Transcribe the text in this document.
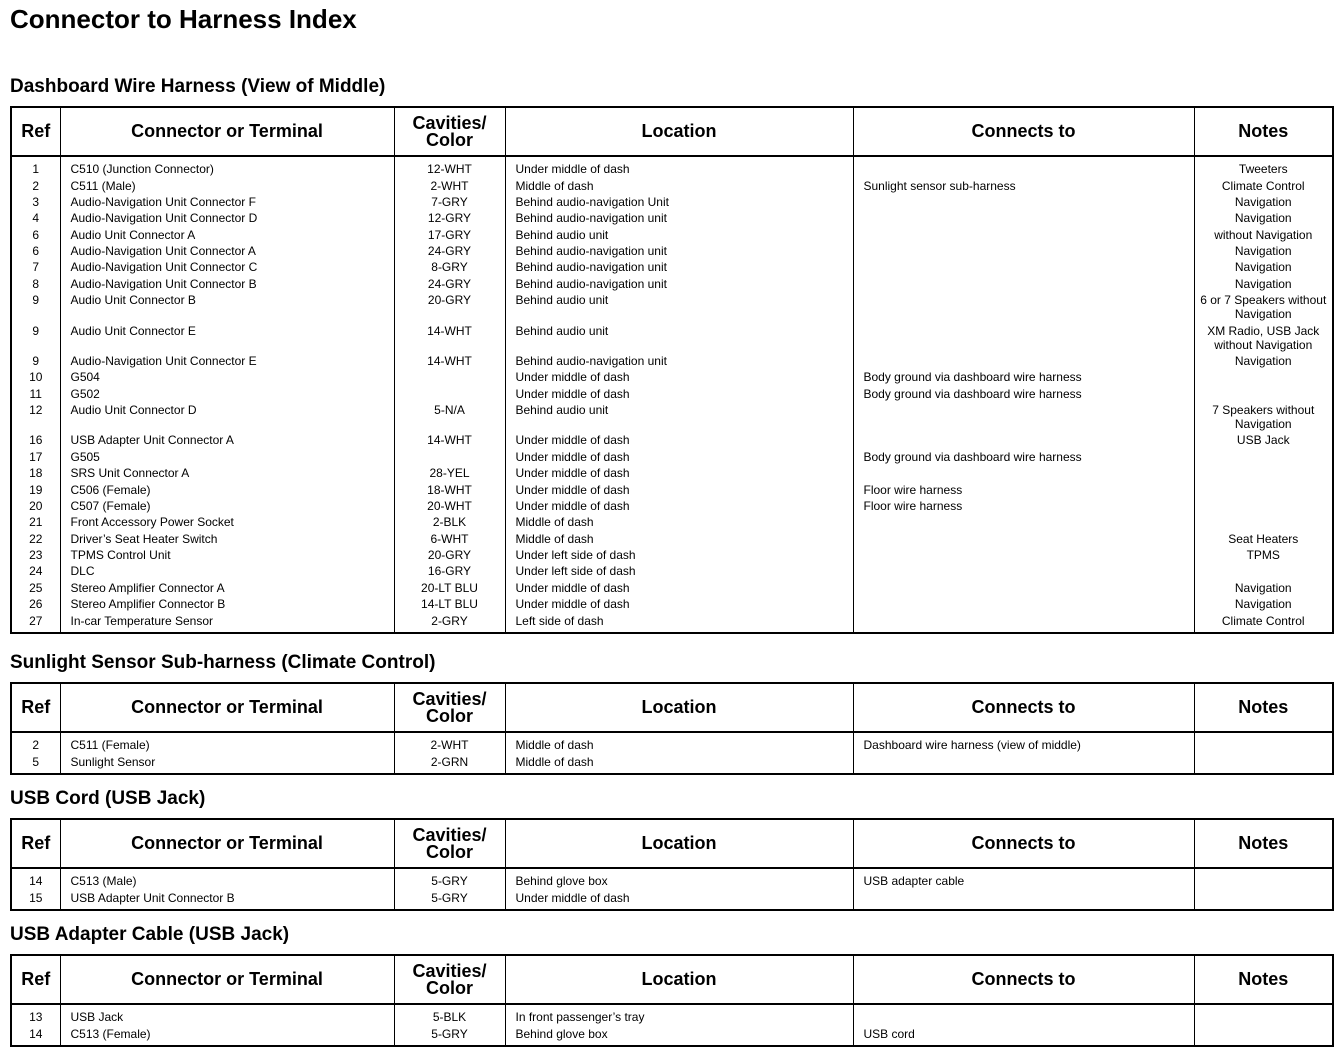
Connector to Harness Index
Dashboard Wire Harness (View of Middle)
Ref	Connector or Terminal	Cavities/
Color	Location	Connects to	Notes

1	C510 (Junction Connector)	12-WHT	Under middle of dash		Tweeters
2	C511 (Male)	2-WHT	Middle of dash	Sunlight sensor sub-harness	Climate Control
3	Audio-Navigation Unit Connector F	7-GRY	Behind audio-navigation Unit		Navigation
4	Audio-Navigation Unit Connector D	12-GRY	Behind audio-navigation unit		Navigation
6	Audio Unit Connector A	17-GRY	Behind audio unit		without Navigation
6	Audio-Navigation Unit Connector A	24-GRY	Behind audio-navigation unit		Navigation
7	Audio-Navigation Unit Connector C	8-GRY	Behind audio-navigation unit		Navigation
8	Audio-Navigation Unit Connector B	24-GRY	Behind audio-navigation unit		Navigation
9	Audio Unit Connector B	20-GRY	Behind audio unit		6 or 7 Speakers without Navigation
9	Audio Unit Connector E	14-WHT	Behind audio unit		XM Radio, USB Jack without Navigation
9	Audio-Navigation Unit Connector E	14-WHT	Behind audio-navigation unit		Navigation
10	G504		Under middle of dash	Body ground via dashboard wire harness	
11	G502		Under middle of dash	Body ground via dashboard wire harness	
12	Audio Unit Connector D	5-N/A	Behind audio unit		7 Speakers without Navigation
16	USB Adapter Unit Connector A	14-WHT	Under middle of dash		USB Jack
17	G505		Under middle of dash	Body ground via dashboard wire harness	
18	SRS Unit Connector A	28-YEL	Under middle of dash		
19	C506 (Female)	18-WHT	Under middle of dash	Floor wire harness	
20	C507 (Female)	20-WHT	Under middle of dash	Floor wire harness	
21	Front Accessory Power Socket	2-BLK	Middle of dash		
22	Driver’s Seat Heater Switch	6-WHT	Middle of dash		Seat Heaters
23	TPMS Control Unit	20-GRY	Under left side of dash		TPMS
24	DLC	16-GRY	Under left side of dash		
25	Stereo Amplifier Connector A	20-LT BLU	Under middle of dash		Navigation
26	Stereo Amplifier Connector B	14-LT BLU	Under middle of dash		Navigation
27	In-car Temperature Sensor	2-GRY	Left side of dash		Climate Control

Sunlight Sensor Sub-harness (Climate Control)
Ref	Connector or Terminal	Cavities/
Color	Location	Connects to	Notes

2	C511 (Female)	2-WHT	Middle of dash	Dashboard wire harness (view of middle)	
5	Sunlight Sensor	2-GRN	Middle of dash		

USB Cord (USB Jack)
Ref	Connector or Terminal	Cavities/
Color	Location	Connects to	Notes

14	C513 (Male)	5-GRY	Behind glove box	USB adapter cable	
15	USB Adapter Unit Connector B	5-GRY	Under middle of dash		

USB Adapter Cable (USB Jack)
Ref	Connector or Terminal	Cavities/
Color	Location	Connects to	Notes

13	USB Jack	5-BLK	In front passenger’s tray		
14	C513 (Female)	5-GRY	Behind glove box	USB cord	
